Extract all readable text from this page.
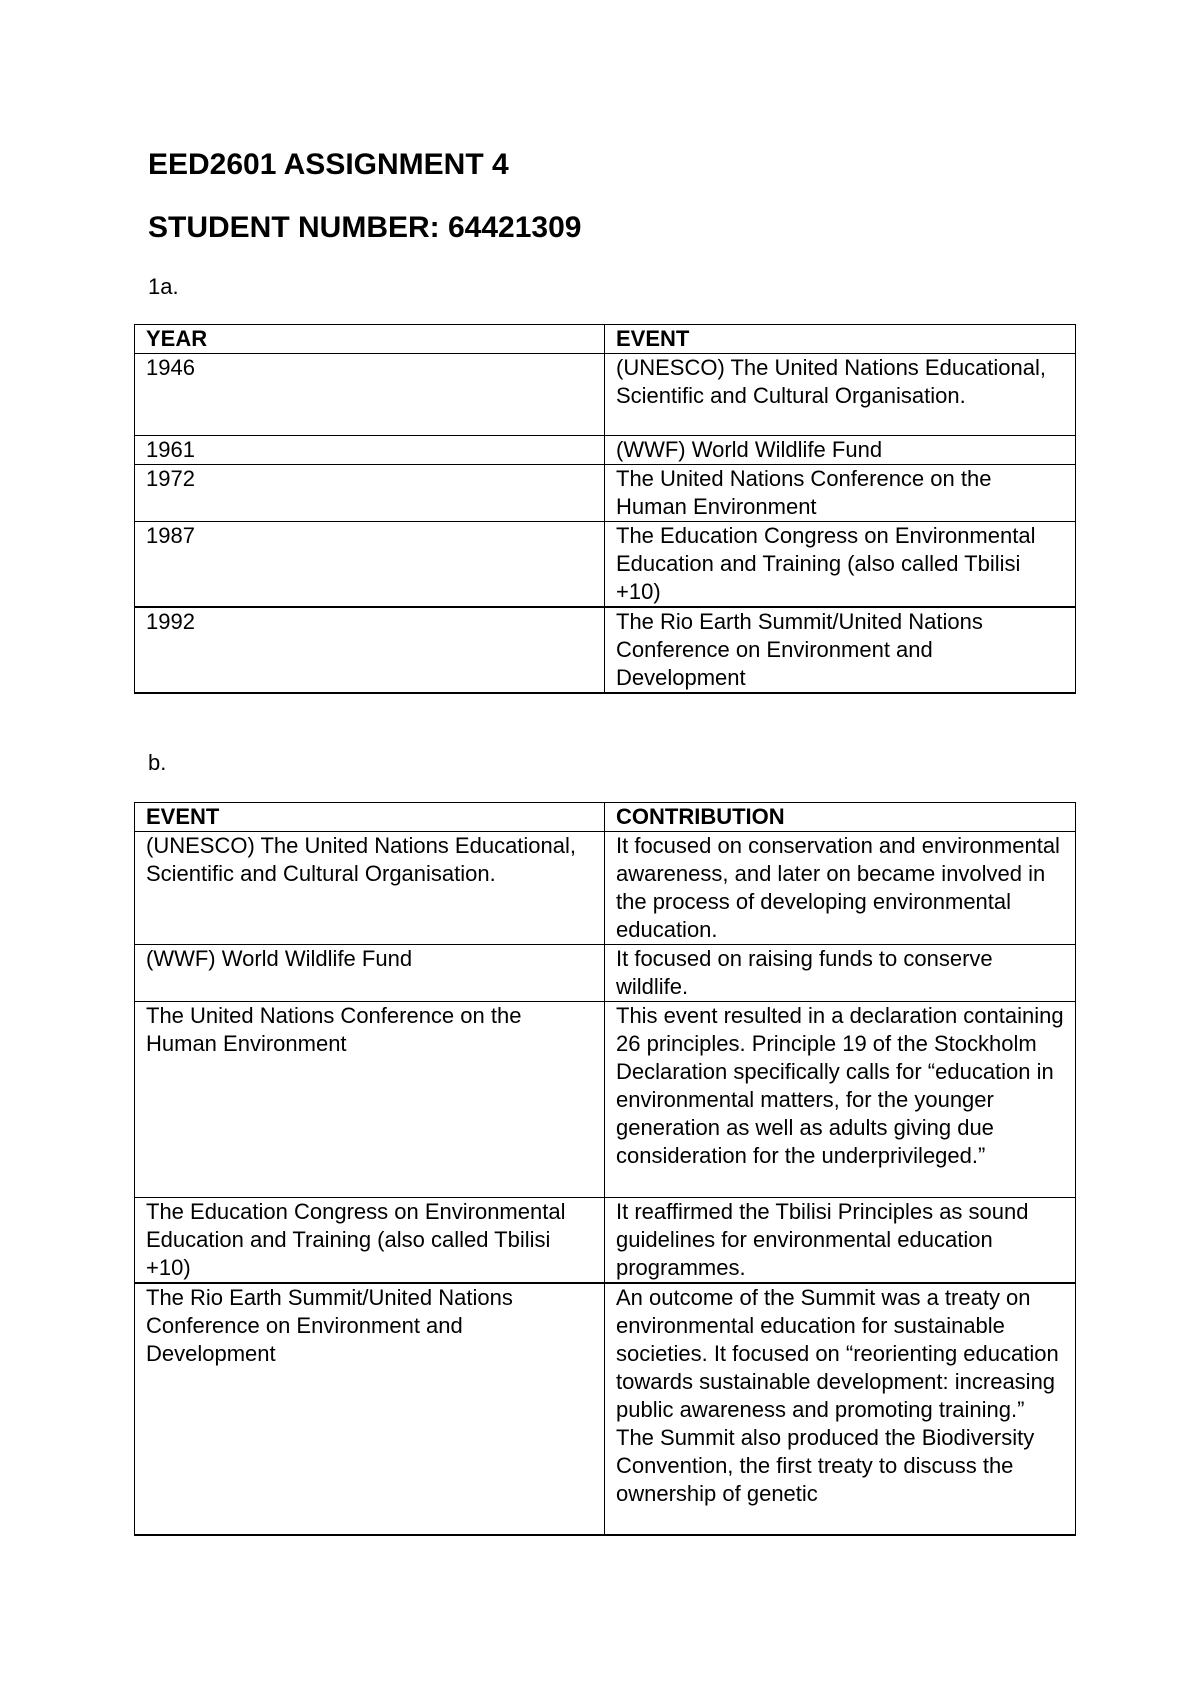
EED2601 ASSIGNMENT 4
STUDENT NUMBER: 64421309

1a.

YEAR	EVENT
1946	(UNESCO) The United Nations Educational, Scientific and Cultural Organisation.
1961	(WWF) World Wildlife Fund
1972	The United Nations Conference on the Human Environment
1987	The Education Congress on Environmental Education and Training (also called Tbilisi +10)
1992	The Rio Earth Summit/United Nations Conference on Environment and Development

b.

EVENT	CONTRIBUTION
(UNESCO) The United Nations Educational, Scientific and Cultural Organisation.	It focused on conservation and environmental awareness, and later on became involved in the process of developing environmental education.
(WWF) World Wildlife Fund	It focused on raising funds to conserve wildlife.
The United Nations Conference on the Human Environment	This event resulted in a declaration containing 26 principles. Principle 19 of the Stockholm Declaration specifically calls for “education in environmental matters, for the younger generation as well as adults giving due consideration for the underprivileged.”
The Education Congress on Environmental Education and Training (also called Tbilisi +10)	It reaffirmed the Tbilisi Principles as sound guidelines for environmental education programmes.
The Rio Earth Summit/United Nations Conference on Environment and Development	An outcome of the Summit was a treaty on environmental education for sustainable societies. It focused on “reorienting education towards sustainable development: increasing public awareness and promoting training.” The Summit also produced the Biodiversity Convention, the first treaty to discuss the ownership of genetic
